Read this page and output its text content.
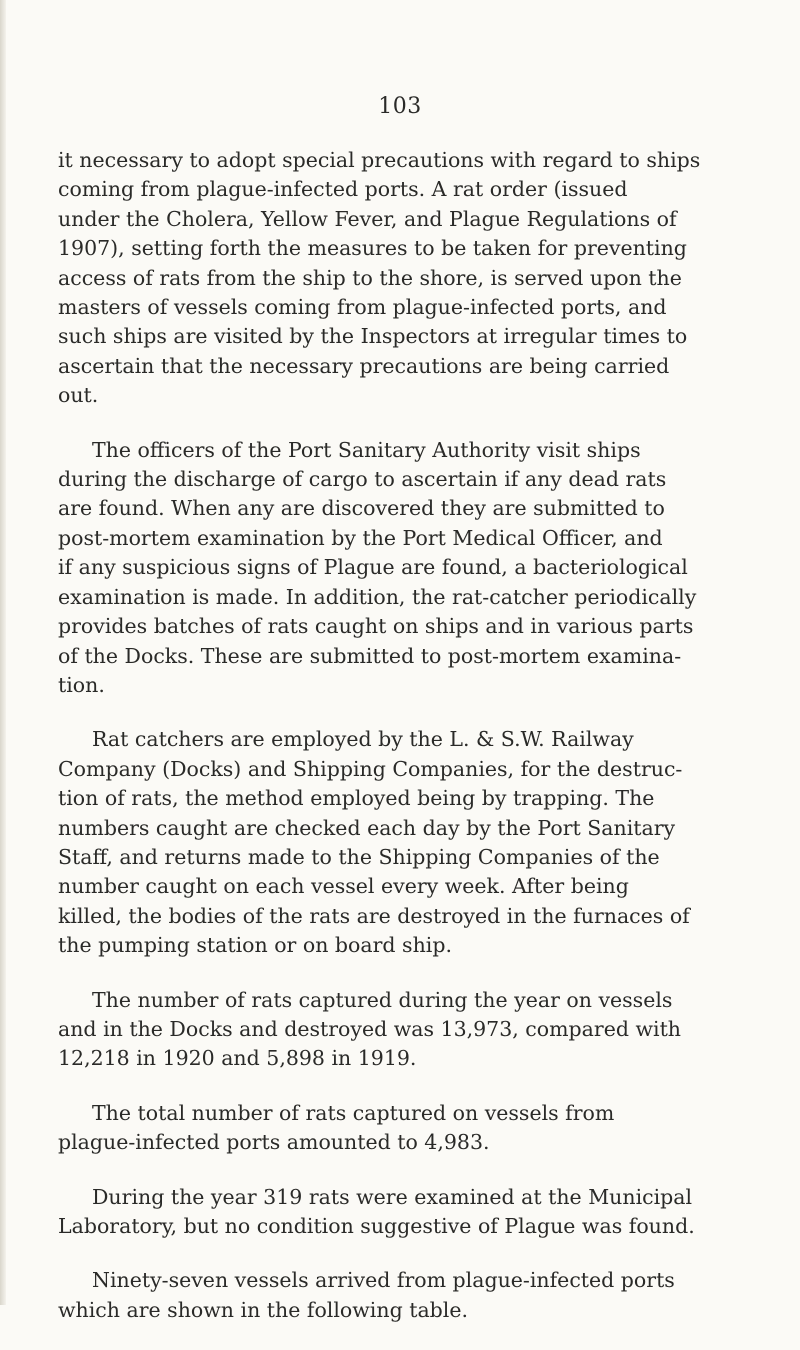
103

it necessary to adopt special precautions with regard to ships
coming from plague-infected ports. A rat order (issued
under the Cholera, Yellow Fever, and Plague Regulations of
1907), setting forth the measures to be taken for preventing
access of rats from the ship to the shore, is served upon the
masters of vessels coming from plague-infected ports, and
such ships are visited by the Inspectors at irregular times to
ascertain that the necessary precautions are being carried
out.

The officers of the Port Sanitary Authority visit ships
during the discharge of cargo to ascertain if any dead rats
are found. When any are discovered they are submitted to
post-mortem examination by the Port Medical Officer, and
if any suspicious signs of Plague are found, a bacteriological
examination is made. In addition, the rat-catcher periodically
provides batches of rats caught on ships and in various parts
of the Docks. These are submitted to post-mortem examina-
tion.

Rat catchers are employed by the L. & S.W. Railway
Company (Docks) and Shipping Companies, for the destruc-
tion of rats, the method employed being by trapping. The
numbers caught are checked each day by the Port Sanitary
Staff, and returns made to the Shipping Companies of the
number caught on each vessel every week. After being
killed, the bodies of the rats are destroyed in the furnaces of
the pumping station or on board ship.

The number of rats captured during the year on vessels
and in the Docks and destroyed was 13,973, compared with
12,218 in 1920 and 5,898 in 1919.

The total number of rats captured on vessels from
plague-infected ports amounted to 4,983.

During the year 319 rats were examined at the Municipal
Laboratory, but no condition suggestive of Plague was found.

Ninety-seven vessels arrived from plague-infected ports
which are shown in the following table.
